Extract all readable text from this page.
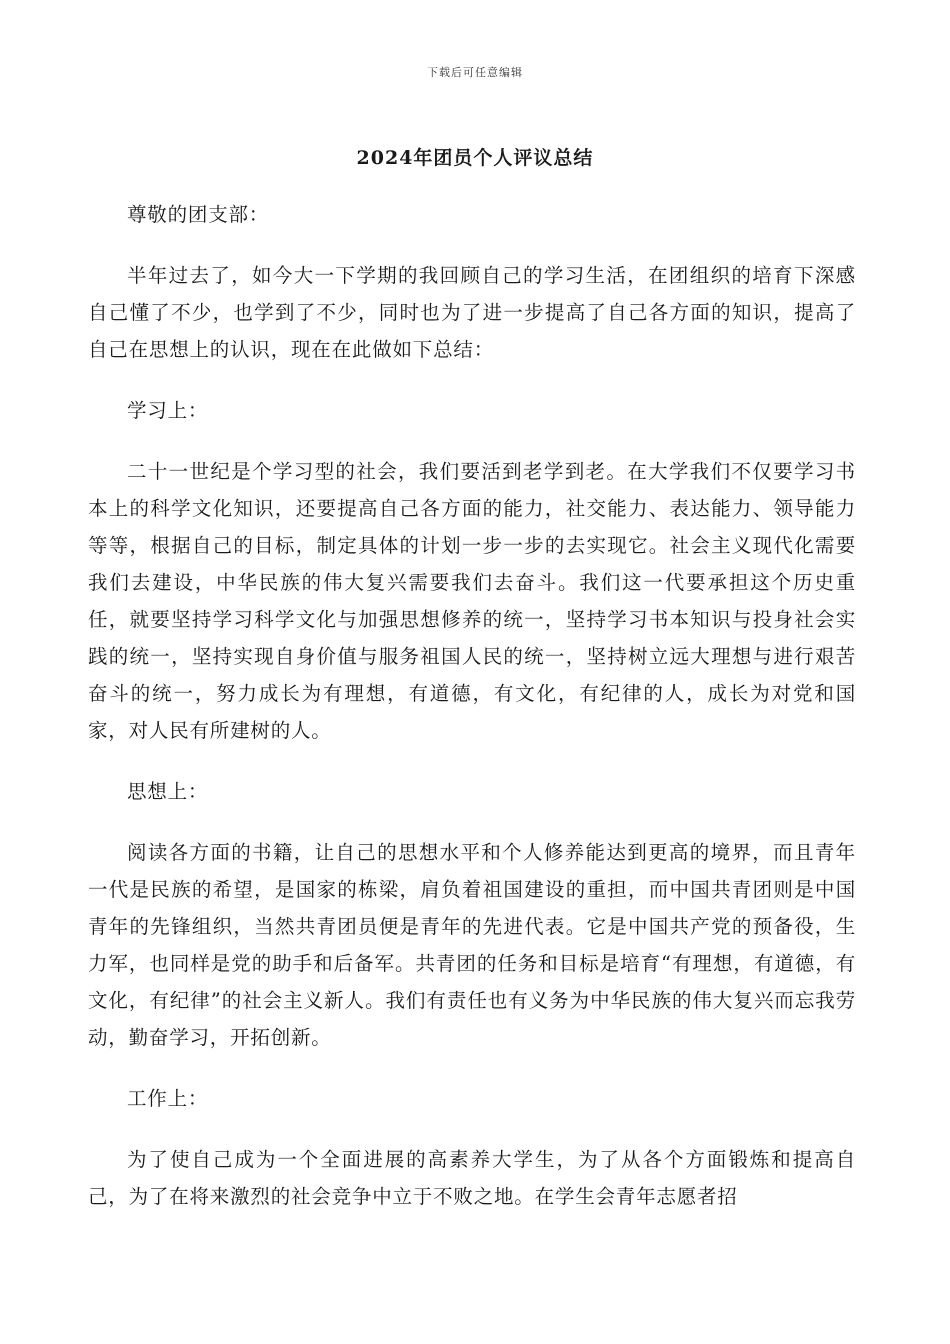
下载后可任意编辑
2024年团员个人评议总结

尊敬的团支部：

半年过去了，如今大一下学期的我回顾自己的学习生活，在团组织的培育下深感自己懂了不少，也学到了不少，同时也为了进一步提高了自己各方面的知识，提高了自己在思想上的认识，现在在此做如下总结：

学习上：

二十一世纪是个学习型的社会，我们要活到老学到老。在大学我们不仅要学习书本上的科学文化知识，还要提高自己各方面的能力，社交能力、表达能力、领导能力等等，根据自己的目标，制定具体的计划一步一步的去实现它。社会主义现代化需要我们去建设，中华民族的伟大复兴需要我们去奋斗。我们这一代要承担这个历史重任，就要坚持学习科学文化与加强思想修养的统一，坚持学习书本知识与投身社会实践的统一，坚持实现自身价值与服务祖国人民的统一，坚持树立远大理想与进行艰苦奋斗的统一，努力成长为有理想，有道德，有文化，有纪律的人，成长为对党和国家，对人民有所建树的人。

思想上：

阅读各方面的书籍，让自己的思想水平和个人修养能达到更高的境界，而且青年一代是民族的希望，是国家的栋梁，肩负着祖国建设的重担，而中国共青团则是中国青年的先锋组织，当然共青团员便是青年的先进代表。它是中国共产党的预备役，生力军，也同样是党的助手和后备军。共青团的任务和目标是培育“有理想，有道德，有文化，有纪律”的社会主义新人。我们有责任也有义务为中华民族的伟大复兴而忘我劳动，勤奋学习，开拓创新。

工作上：

为了使自己成为一个全面进展的高素养大学生，为了从各个方面锻炼和提高自己，为了在将来激烈的社会竞争中立于不败之地。在学生会青年志愿者招
